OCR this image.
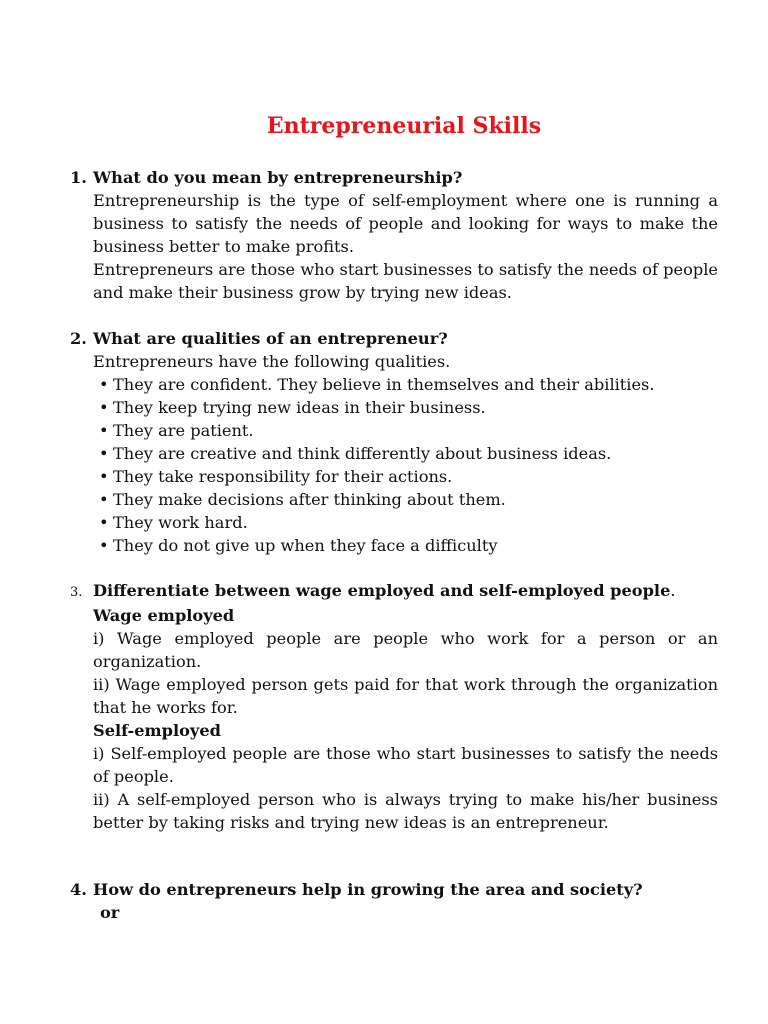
Entrepreneurial Skills
1. What do you mean by entrepreneurship?
Entrepreneurship is the type of self-employment where one is running a business to satisfy the needs of people and looking for ways to make the business better to make profits.
Entrepreneurs are those who start businesses to satisfy the needs of people and make their business grow by trying new ideas.
2. What are qualities of an entrepreneur?
Entrepreneurs have the following qualities.
• They are confident. They believe in themselves and their abilities.
• They keep trying new ideas in their business.
• They are patient.
• They are creative and think differently about business ideas.
• They take responsibility for their actions.
• They make decisions after thinking about them.
• They work hard.
• They do not give up when they face a difficulty
3. Differentiate between wage employed and self-employed people.
Wage employed
i) Wage employed people are people who work for a person or an organization.
ii) Wage employed person gets paid for that work through the organization that he works for.
Self-employed
i) Self-employed people are those who start businesses to satisfy the needs of people.
ii) A self-employed person who is always trying to make his/her business better by taking risks and trying new ideas is an entrepreneur.
4. How do entrepreneurs help in growing the area and society?
or
